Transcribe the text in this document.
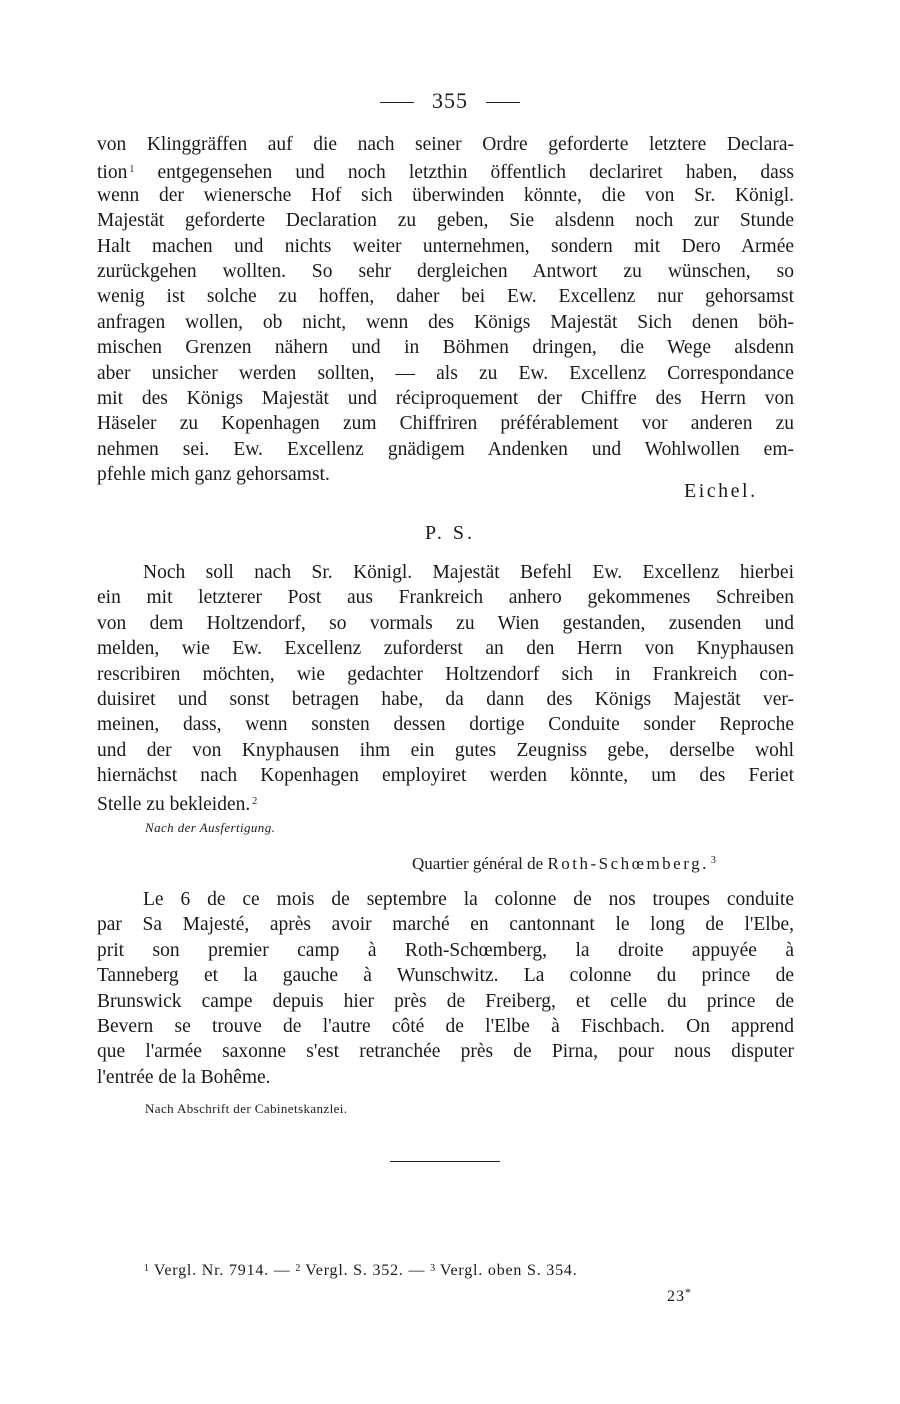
355
von Klinggräffen auf die nach seiner Ordre geforderte letztere Declara-
tion $^1$ entgegensehen und noch letzthin öffentlich declariret haben, dass
wenn der wienersche Hof sich überwinden könnte, die von Sr. Königl.
Majestät geforderte Declaration zu geben, Sie alsdenn noch zur Stunde
Halt machen und nichts weiter unternehmen, sondern mit Dero Armée
zurückgehen wollten. So sehr dergleichen Antwort zu wünschen, so
wenig ist solche zu hoffen, daher bei Ew. Excellenz nur gehorsamst
anfragen wollen, ob nicht, wenn des Königs Majestät Sich denen böh-
mischen Grenzen nähern und in Böhmen dringen, die Wege alsdenn
aber unsicher werden sollten, — als zu Ew. Excellenz Correspondance
mit des Königs Majestät und réciproquement der Chiffre des Herrn von
Häseler zu Kopenhagen zum Chiffriren préférablement vor anderen zu
nehmen sei. Ew. Excellenz gnädigem Andenken und Wohlwollen em-
pfehle mich ganz gehorsamst.
Eichel.
P. S.
Noch soll nach Sr. Königl. Majestät Befehl Ew. Excellenz hierbei
ein mit letzterer Post aus Frankreich anhero gekommenes Schreiben
von dem Holtzendorf, so vormals zu Wien gestanden, zusenden und
melden, wie Ew. Excellenz zuforderst an den Herrn von Knyphausen
rescribiren möchten, wie gedachter Holtzendorf sich in Frankreich con-
duisiret und sonst betragen habe, da dann des Königs Majestät ver-
meinen, dass, wenn sonsten dessen dortige Conduite sonder Reproche
und der von Knyphausen ihm ein gutes Zeugniss gebe, derselbe wohl
hiernächst nach Kopenhagen employiret werden könnte, um des Feriet
Stelle zu bekleiden. $^2$
Nach der Ausfertigung.
Quartier général de Roth-Schœmberg. $^3$
Le 6 de ce mois de septembre la colonne de nos troupes conduite
par Sa Majesté, après avoir marché en cantonnant le long de l'Elbe,
prit son premier camp à Roth-Schœmberg, la droite appuyée à
Tanneberg et la gauche à Wunschwitz. La colonne du prince de
Brunswick campe depuis hier près de Freiberg, et celle du prince de
Bevern se trouve de l'autre côté de l'Elbe à Fischbach. On apprend
que l'armée saxonne s'est retranchée près de Pirna, pour nous disputer
l'entrée de la Bohême.
Nach Abschrift der Cabinetskanzlei.
$^1$ Vergl. Nr. 7914. — $^2$ Vergl. S. 352. — $^3$ Vergl. oben S. 354.
23*
